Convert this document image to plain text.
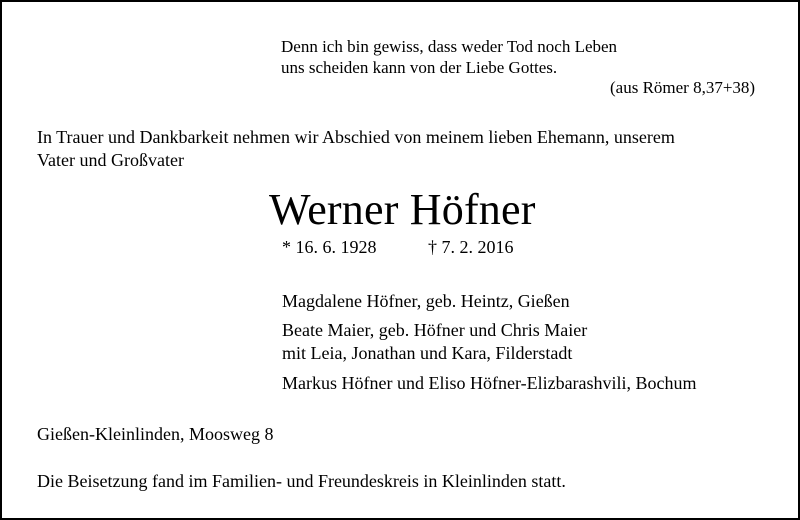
Denn ich bin gewiss, dass weder Tod noch Leben
uns scheiden kann von der Liebe Gottes.
(aus Römer 8,37+38)
In Trauer und Dankbarkeit nehmen wir Abschied von meinem lieben Ehemann, unserem
Vater und Großvater
Werner Höfner
* 16. 6. 1928	† 7. 2. 2016
Magdalene Höfner, geb. Heintz, Gießen
Beate Maier, geb. Höfner und Chris Maier
mit Leia, Jonathan und Kara, Filderstadt
Markus Höfner und Eliso Höfner-Elizbarashvili, Bochum
Gießen-Kleinlinden, Moosweg 8
Die Beisetzung fand im Familien- und Freundeskreis in Kleinlinden statt.
